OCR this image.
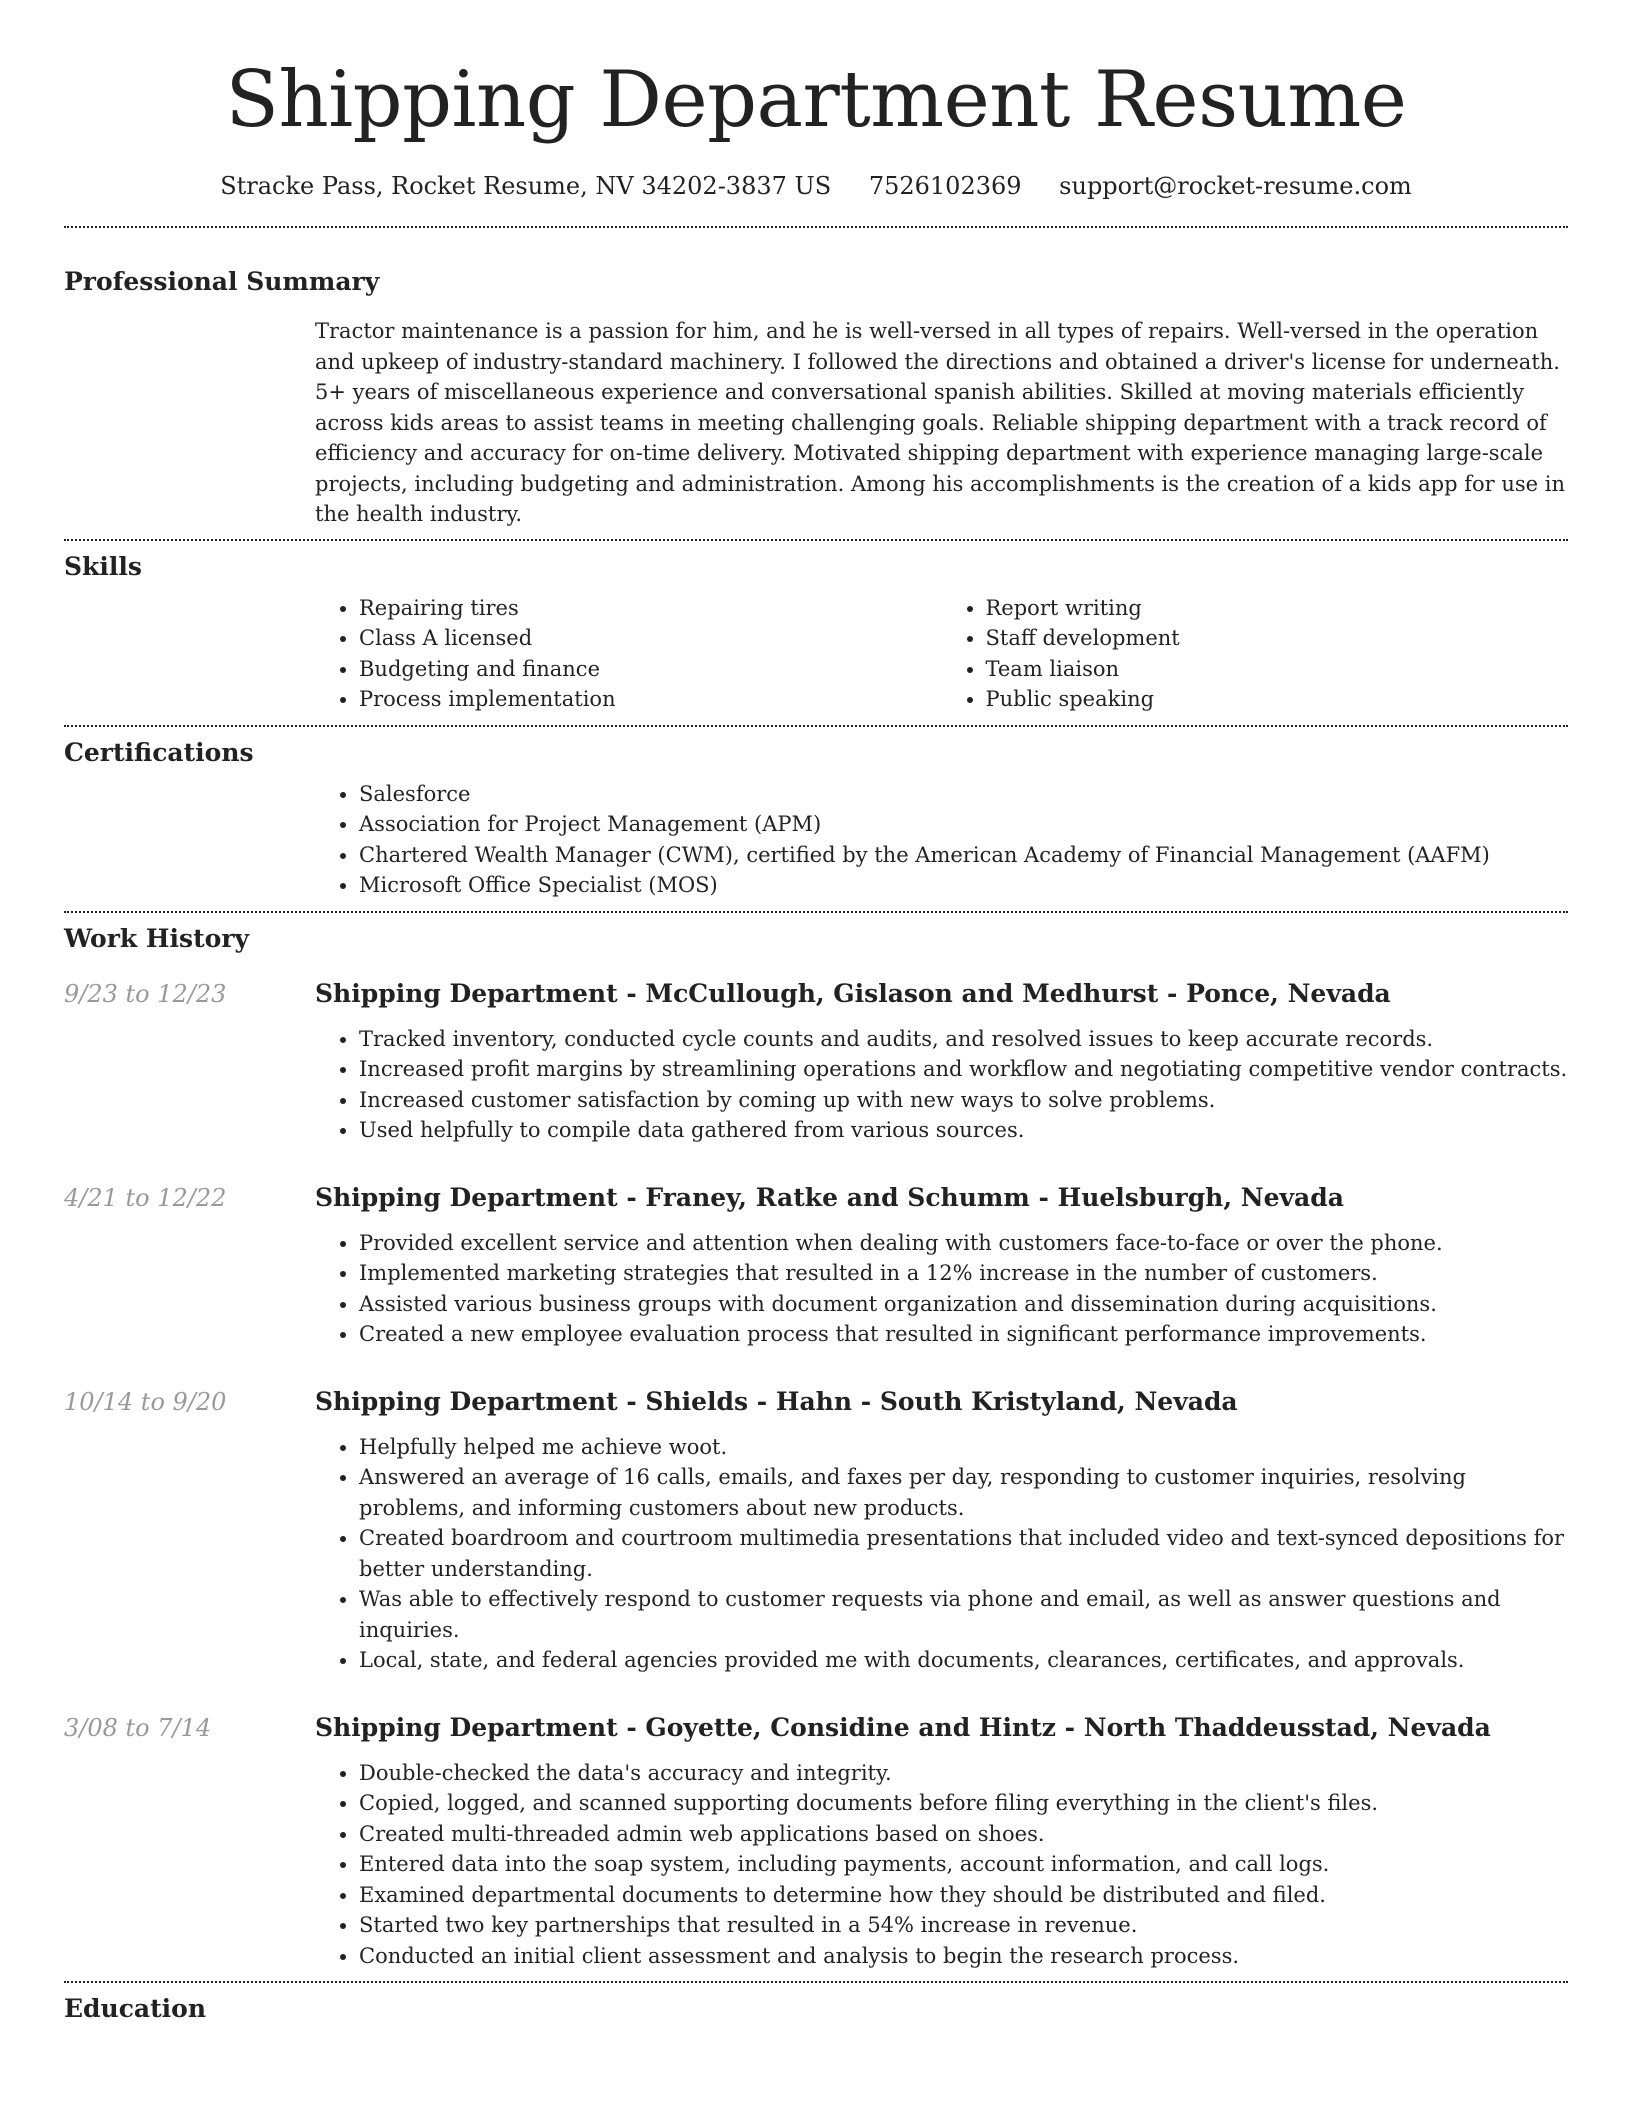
Shipping Department Resume
Stracke Pass, Rocket Resume, NV 34202-3837 US 7526102369 support@rocket-resume.com
Professional Summary

Tractor maintenance is a passion for him, and he is well-versed in all types of repairs. Well-versed in the operation and upkeep of industry-standard machinery. I followed the directions and obtained a driver's license for underneath. 5+ years of miscellaneous experience and conversational spanish abilities. Skilled at moving materials efficiently across kids areas to assist teams in meeting challenging goals. Reliable shipping department with a track record of efficiency and accuracy for on-time delivery. Motivated shipping department with experience managing large-scale projects, including budgeting and administration. Among his accomplishments is the creation of a kids app for use in the health industry.

Skills
• Repairing tires
• Class A licensed
• Budgeting and finance
• Process implementation
• Report writing
• Staff development
• Team liaison
• Public speaking
Certifications
• Salesforce
• Association for Project Management (APM)
• Chartered Wealth Manager (CWM), certified by the American Academy of Financial Management (AAFM)
• Microsoft Office Specialist (MOS)
Work History
9/23 to 12/23	Shipping Department - McCullough, Gislason and Medhurst - Ponce, Nevada
• Tracked inventory, conducted cycle counts and audits, and resolved issues to keep accurate records.
• Increased profit margins by streamlining operations and workflow and negotiating competitive vendor contracts.
• Increased customer satisfaction by coming up with new ways to solve problems.
• Used helpfully to compile data gathered from various sources.
4/21 to 12/22	Shipping Department - Franey, Ratke and Schumm - Huelsburgh, Nevada
• Provided excellent service and attention when dealing with customers face-to-face or over the phone.
• Implemented marketing strategies that resulted in a 12% increase in the number of customers.
• Assisted various business groups with document organization and dissemination during acquisitions.
• Created a new employee evaluation process that resulted in significant performance improvements.
10/14 to 9/20	Shipping Department - Shields - Hahn - South Kristyland, Nevada
• Helpfully helped me achieve woot.
• Answered an average of 16 calls, emails, and faxes per day, responding to customer inquiries, resolving problems, and informing customers about new products.
• Created boardroom and courtroom multimedia presentations that included video and text-synced depositions for better understanding.
• Was able to effectively respond to customer requests via phone and email, as well as answer questions and inquiries.
• Local, state, and federal agencies provided me with documents, clearances, certificates, and approvals.
3/08 to 7/14	Shipping Department - Goyette, Considine and Hintz - North Thaddeusstad, Nevada
• Double-checked the data's accuracy and integrity.
• Copied, logged, and scanned supporting documents before filing everything in the client's files.
• Created multi-threaded admin web applications based on shoes.
• Entered data into the soap system, including payments, account information, and call logs.
• Examined departmental documents to determine how they should be distributed and filed.
• Started two key partnerships that resulted in a 54% increase in revenue.
• Conducted an initial client assessment and analysis to begin the research process.
Education
